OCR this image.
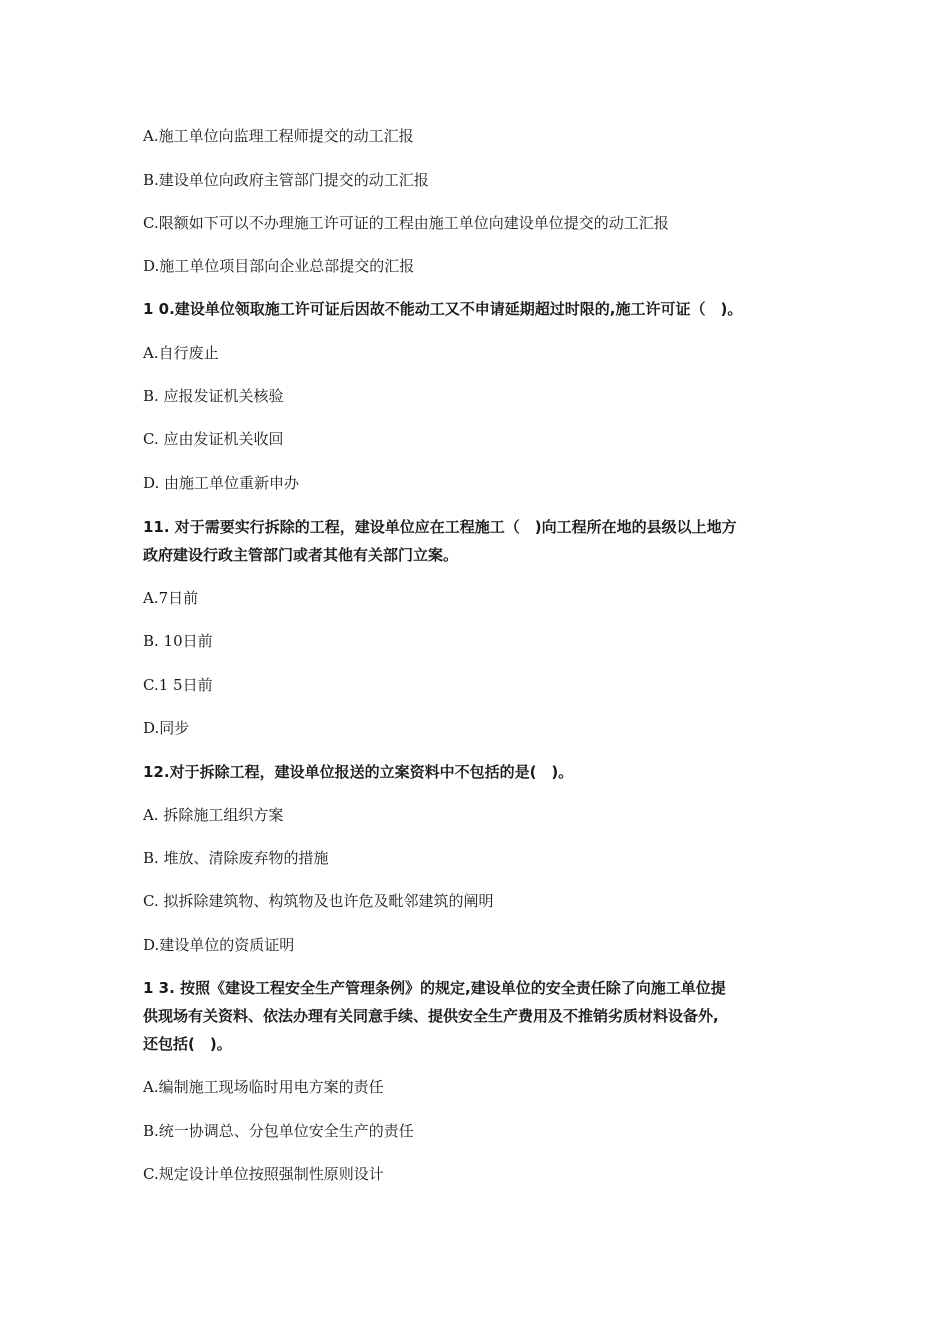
A.施工单位向监理工程师提交的动工汇报
B.建设单位向政府主管部门提交的动工汇报
C.限额如下可以不办理施工许可证的工程由施工单位向建设单位提交的动工汇报
D.施工单位项目部向企业总部提交的汇报
1 0.建设单位领取施工许可证后因故不能动工又不申请延期超过时限的,施工许可证（　)。
A.自行废止
B. 应报发证机关核验
C. 应由发证机关收回
D. 由施工单位重新申办
11. 对于需要实行拆除的工程，建设单位应在工程施工（　)向工程所在地的县级以上地方
政府建设行政主管部门或者其他有关部门立案。
A.7日前
B. 10日前
C.1 5日前
D.同步
12.对于拆除工程，建设单位报送的立案资料中不包括的是(　)。
A. 拆除施工组织方案
B. 堆放、清除废弃物的措施
C. 拟拆除建筑物、构筑物及也许危及毗邻建筑的阐明
D.建设单位的资质证明
1 3. 按照《建设工程安全生产管理条例》的规定,建设单位的安全责任除了向施工单位提
供现场有关资料、依法办理有关同意手续、提供安全生产费用及不推销劣质材料设备外,
还包括(　)。
A.编制施工现场临时用电方案的责任
B.统一协调总、分包单位安全生产的责任
C.规定设计单位按照强制性原则设计
